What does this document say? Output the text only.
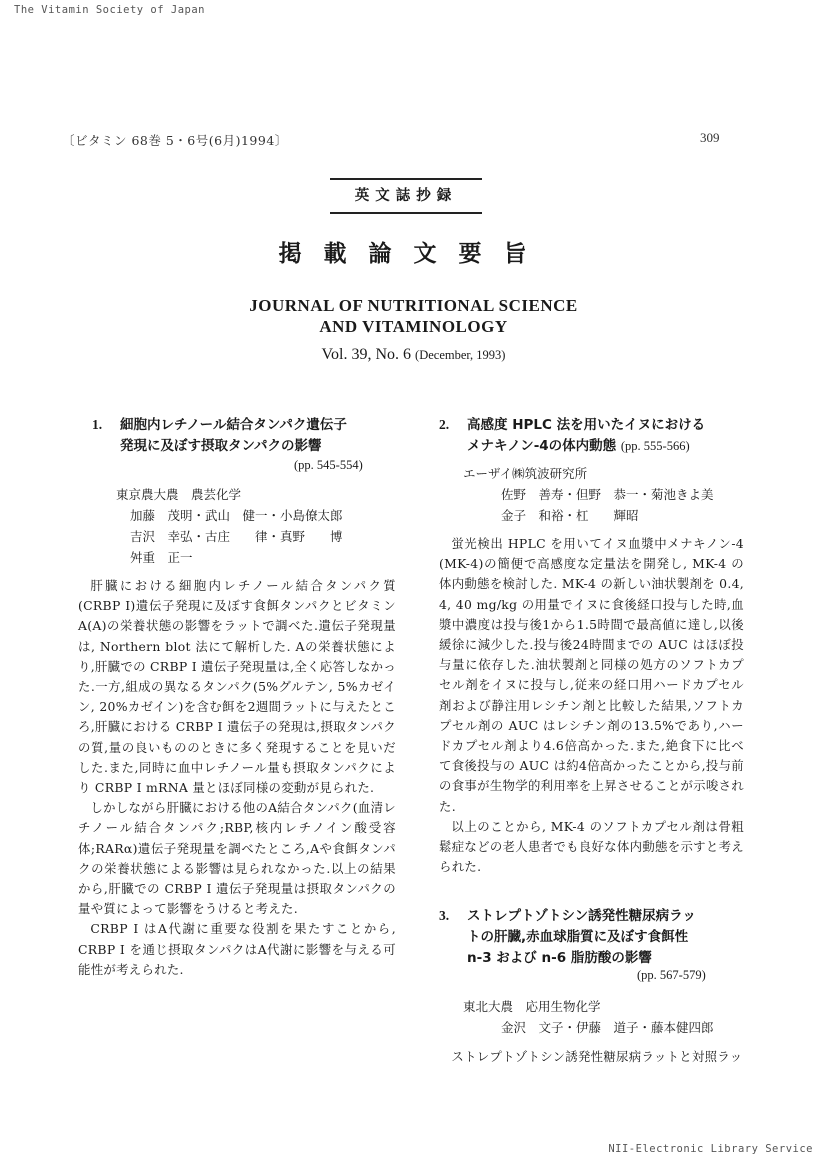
The Vitamin Society of Japan
〔ビタミン 68巻 5・6号(6月)1994〕	309
英文誌抄録
掲載論文要旨
JOURNAL OF NUTRITIONAL SCIENCE
AND VITAMINOLOGY
Vol. 39, No. 6 (December, 1993)
1. 細胞内レチノール結合タンパク遺伝子
発現に及ぼす摂取タンパクの影響
(pp. 545-554)
東京農大農　農芸化学
加藤　茂明・武山　健一・小島僚太郎
吉沢　幸弘・古庄　　律・真野　　博
舛重　正一

肝臓における細胞内レチノール結合タンパク質(CRBP I)遺伝子発現に及ぼす食餌タンパクとビタミンA(A)の栄養状態の影響をラットで調べた.遺伝子発現量は, Northern blot 法にて解析した. Aの栄養状態により,肝臓での CRBP I 遺伝子発現量は,全く応答しなかった.一方,組成の異なるタンパク(5%グルテン, 5%カゼイン, 20%カゼイン)を含む餌を2週間ラットに与えたところ,肝臓における CRBP I 遺伝子の発現は,摂取タンパクの質,量の良いもののときに多く発現することを見いだした.また,同時に血中レチノール量も摂取タンパクにより CRBP I mRNA 量とほぼ同様の変動が見られた.

しかしながら肝臓における他のA結合タンパク(血清レチノール結合タンパク;RBP,核内レチノイン酸受容体;RARα)遺伝子発現量を調べたところ,Aや食餌タンパクの栄養状態による影響は見られなかった.以上の結果から,肝臓での CRBP I 遺伝子発現量は摂取タンパクの量や質によって影響をうけると考えた.

CRBP I はA代謝に重要な役割を果たすことから, CRBP I を通じ摂取タンパクはA代謝に影響を与える可能性が考えられた.

2. 高感度 HPLC 法を用いたイヌにおける
メナキノン-4の体内動態 (pp. 555-566)
エーザイ㈱筑波研究所
佐野　善寿・但野　恭一・菊池きよ美
金子　和裕・杠　　輝昭

蛍光検出 HPLC を用いてイヌ血漿中メナキノン-4 (MK-4)の簡便で高感度な定量法を開発し, MK-4 の体内動態を検討した. MK-4 の新しい油状製剤を 0.4, 4, 40 mg/kg の用量でイヌに食後経口投与した時,血漿中濃度は投与後1から1.5時間で最高値に達し,以後緩徐に減少した.投与後24時間までの AUC はほぼ投与量に依存した.油状製剤と同様の処方のソフトカプセル剤をイヌに投与し,従来の経口用ハードカプセル剤および静注用レシチン剤と比較した結果,ソフトカプセル剤の AUC はレシチン剤の13.5%であり,ハードカプセル剤より4.6倍高かった.また,絶食下に比べて食後投与の AUC は約4倍高かったことから,投与前の食事が生物学的利用率を上昇させることが示唆された.

以上のことから, MK-4 のソフトカプセル剤は骨粗鬆症などの老人患者でも良好な体内動態を示すと考えられた.

3. ストレプトゾトシン誘発性糖尿病ラッ
トの肝臓,赤血球脂質に及ぼす食餌性
n-3 および n-6 脂肪酸の影響
(pp. 567-579)
東北大農　応用生物化学
金沢　文子・伊藤　道子・藤本健四郎

ストレプトゾトシン誘発性糖尿病ラットと対照ラッ

NII-Electronic Library Service
